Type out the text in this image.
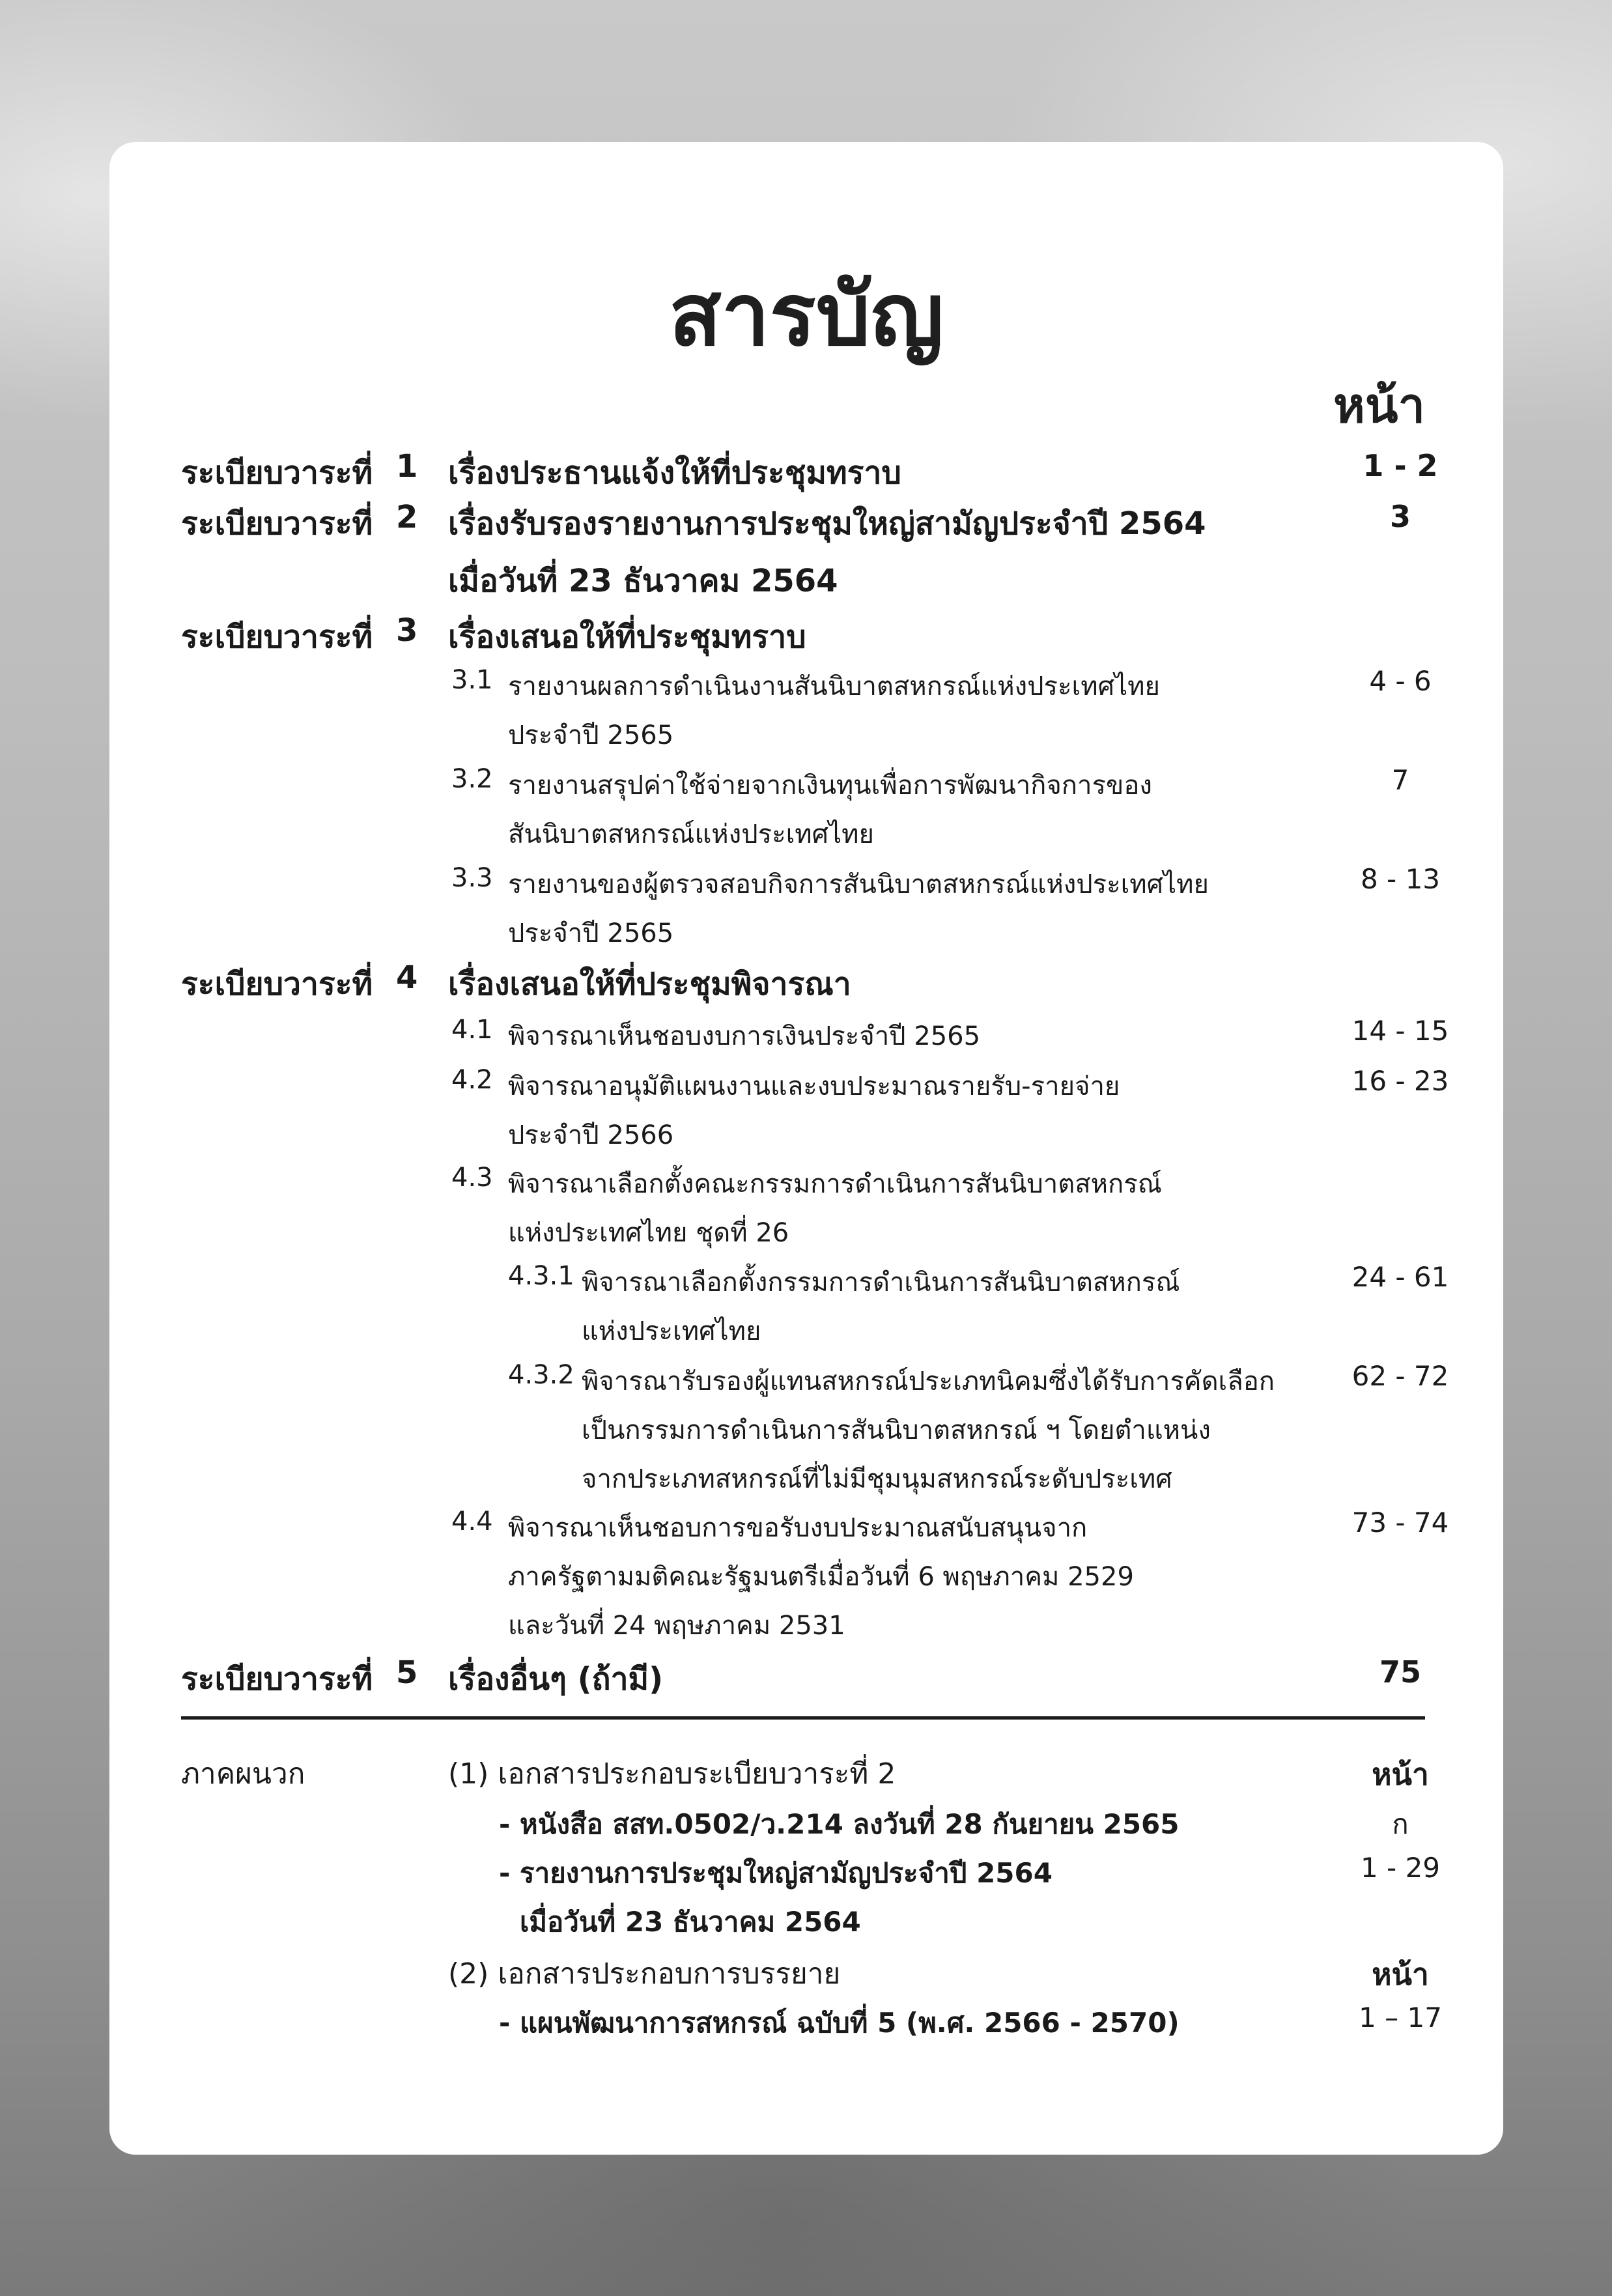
สารบัญ
หน้า
ระเบียบวาระที่ 1 เรื่องประธานแจ้งให้ที่ประชุมทราบ	1 - 2
ระเบียบวาระที่ 2 เรื่องรับรองรายงานการประชุมใหญ่สามัญประจำปี 2564	3
เมื่อวันที่ 23 ธันวาคม 2564
ระเบียบวาระที่ 3 เรื่องเสนอให้ที่ประชุมทราบ
3.1 รายงานผลการดำเนินงานสันนิบาตสหกรณ์แห่งประเทศไทย	4 - 6
ประจำปี 2565
3.2 รายงานสรุปค่าใช้จ่ายจากเงินทุนเพื่อการพัฒนากิจการของ	7
สันนิบาตสหกรณ์แห่งประเทศไทย
3.3 รายงานของผู้ตรวจสอบกิจการสันนิบาตสหกรณ์แห่งประเทศไทย	8 - 13
ประจำปี 2565
ระเบียบวาระที่ 4 เรื่องเสนอให้ที่ประชุมพิจารณา
4.1 พิจารณาเห็นชอบงบการเงินประจำปี 2565	14 - 15
4.2 พิจารณาอนุมัติแผนงานและงบประมาณรายรับ-รายจ่าย	16 - 23
ประจำปี 2566
4.3 พิจารณาเลือกตั้งคณะกรรมการดำเนินการสันนิบาตสหกรณ์
แห่งประเทศไทย ชุดที่ 26
4.3.1 พิจารณาเลือกตั้งกรรมการดำเนินการสันนิบาตสหกรณ์	24 - 61
แห่งประเทศไทย
4.3.2 พิจารณารับรองผู้แทนสหกรณ์ประเภทนิคมซึ่งได้รับการคัดเลือก	62 - 72
เป็นกรรมการดำเนินการสันนิบาตสหกรณ์ ฯ โดยตำแหน่ง
จากประเภทสหกรณ์ที่ไม่มีชุมนุมสหกรณ์ระดับประเทศ
4.4 พิจารณาเห็นชอบการขอรับงบประมาณสนับสนุนจาก	73 - 74
ภาครัฐตามมติคณะรัฐมนตรีเมื่อวันที่ 6 พฤษภาคม 2529
และวันที่ 24 พฤษภาคม 2531
ระเบียบวาระที่ 5 เรื่องอื่นๆ (ถ้ามี)	75
ภาคผนวก	(1) เอกสารประกอบระเบียบวาระที่ 2	หน้า
- หนังสือ สสท.0502/ว.214 ลงวันที่ 28 กันยายน 2565	ก
- รายงานการประชุมใหญ่สามัญประจำปี 2564	1 - 29
เมื่อวันที่ 23 ธันวาคม 2564
(2) เอกสารประกอบการบรรยาย	หน้า
- แผนพัฒนาการสหกรณ์ ฉบับที่ 5 (พ.ศ. 2566 - 2570)	1 – 17
